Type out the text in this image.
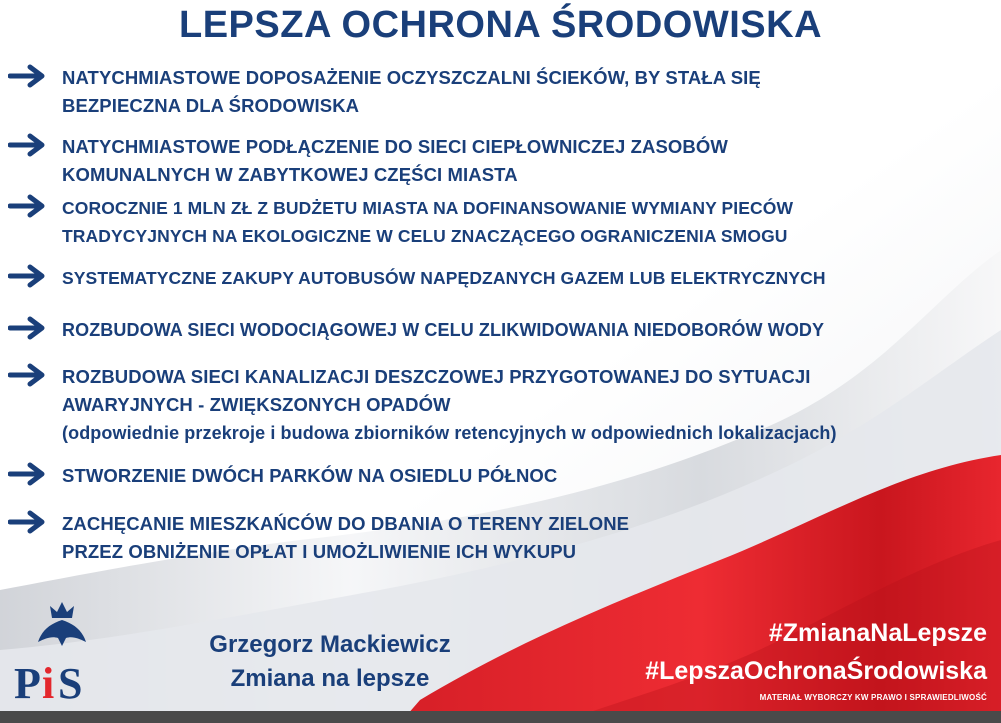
LEPSZA OCHRONA ŚRODOWISKA
NATYCHMIASTOWE DOPOSAŻENIE OCZYSZCZALNI ŚCIEKÓW, BY STAŁA SIĘ
BEZPIECZNA DLA ŚRODOWISKA
NATYCHMIASTOWE PODŁĄCZENIE DO SIECI CIEPŁOWNICZEJ ZASOBÓW
KOMUNALNYCH W ZABYTKOWEJ CZĘŚCI MIASTA
COROCZNIE 1 MLN ZŁ Z BUDŻETU MIASTA NA DOFINANSOWANIE WYMIANY PIECÓW
TRADYCYJNYCH NA EKOLOGICZNE W CELU ZNACZĄCEGO OGRANICZENIA SMOGU
SYSTEMATYCZNE ZAKUPY AUTOBUSÓW NAPĘDZANYCH GAZEM LUB ELEKTRYCZNYCH
ROZBUDOWA SIECI WODOCIĄGOWEJ W CELU ZLIKWIDOWANIA NIEDOBORÓW WODY
ROZBUDOWA SIECI KANALIZACJI DESZCZOWEJ PRZYGOTOWANEJ DO SYTUACJI
AWARYJNYCH - ZWIĘKSZONYCH OPADÓW
(odpowiednie przekroje i budowa zbiorników retencyjnych w odpowiednich lokalizacjach)
STWORZENIE DWÓCH PARKÓW NA OSIEDLU PÓŁNOC
ZACHĘCANIE MIESZKAŃCÓW DO DBANIA O TERENY ZIELONE
PRZEZ OBNIŻENIE OPŁAT I UMOŻLIWIENIE ICH WYKUPU
P i S
Grzegorz Mackiewicz
Zmiana na lepsze
#ZmianaNaLepsze
#LepszaOchronaŚrodowiska
MATERIAŁ WYBORCZY KW PRAWO I SPRAWIEDLIWOŚĆ
